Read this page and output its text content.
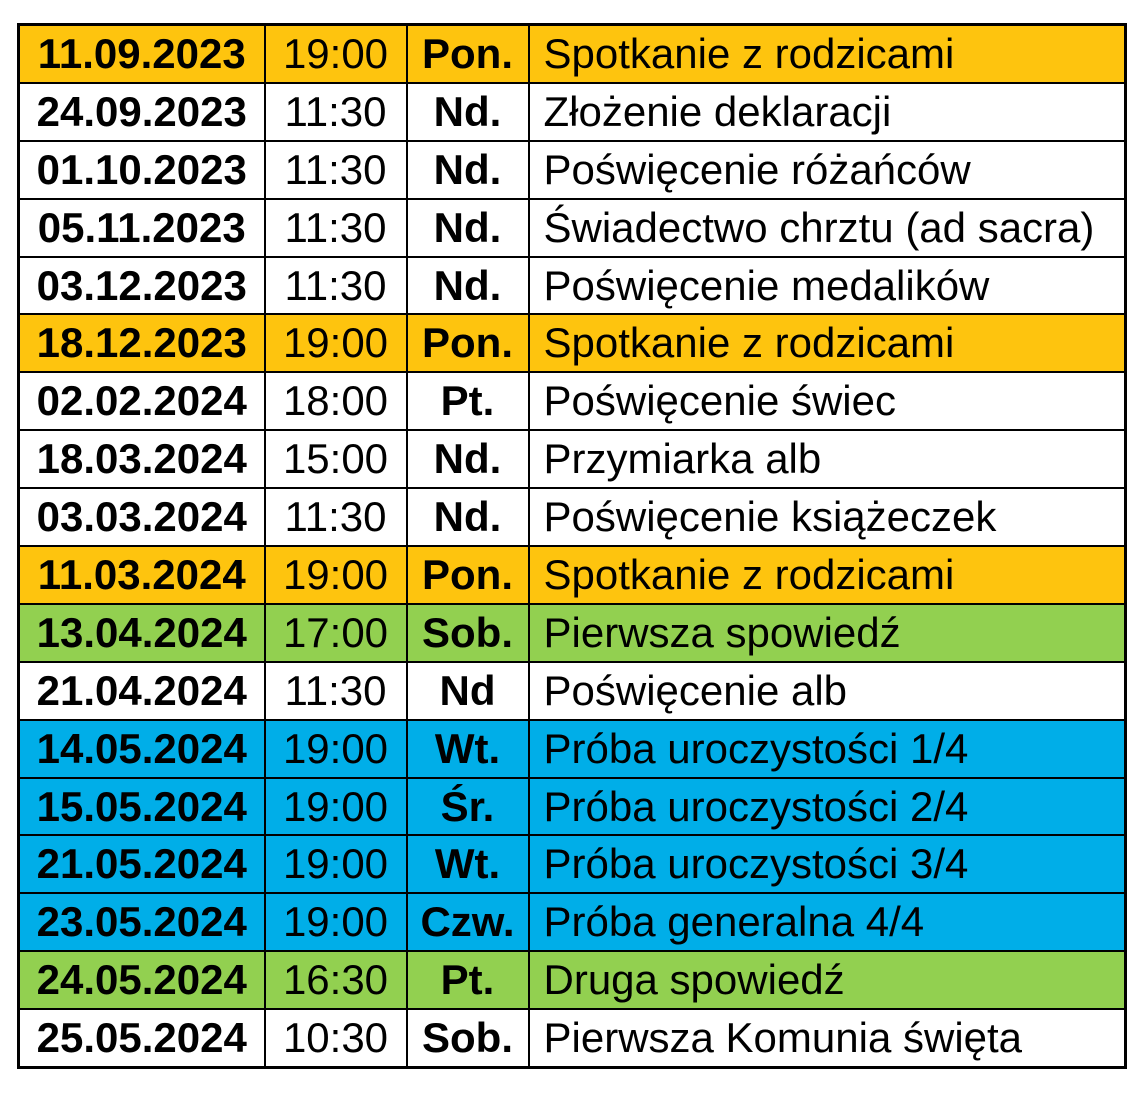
11.09.2023	19:00	Pon.	Spotkanie z rodzicami
24.09.2023	11:30	Nd.	Złożenie deklaracji
01.10.2023	11:30	Nd.	Poświęcenie różańców
05.11.2023	11:30	Nd.	Świadectwo chrztu (ad sacra)
03.12.2023	11:30	Nd.	Poświęcenie medalików
18.12.2023	19:00	Pon.	Spotkanie z rodzicami
02.02.2024	18:00	Pt.	Poświęcenie świec
18.03.2024	15:00	Nd.	Przymiarka alb
03.03.2024	11:30	Nd.	Poświęcenie książeczek
11.03.2024	19:00	Pon.	Spotkanie z rodzicami
13.04.2024	17:00	Sob.	Pierwsza spowiedź
21.04.2024	11:30	Nd	Poświęcenie alb
14.05.2024	19:00	Wt.	Próba uroczystości 1/4
15.05.2024	19:00	Śr.	Próba uroczystości 2/4
21.05.2024	19:00	Wt.	Próba uroczystości 3/4
23.05.2024	19:00	Czw.	Próba generalna 4/4
24.05.2024	16:30	Pt.	Druga spowiedź
25.05.2024	10:30	Sob.	Pierwsza Komunia święta
